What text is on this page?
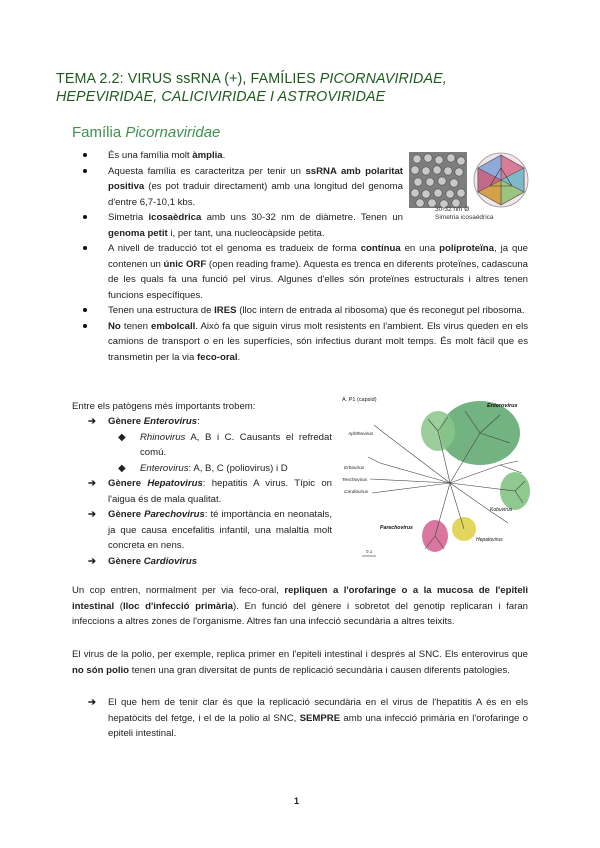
TEMA 2.2: VIRUS ssRNA (+), FAMÍLIES PICORNAVIRIDAE,
HEPEVIRIDAE, CALICIVIRIDAE I ASTROVIRIDAE
Família Picornaviridae
30-32 nm Ø
Simetria icosaèdrica
És una família molt àmplia.
Aquesta família es caracteritza per tenir un ssRNA amb polaritat positiva (es pot traduir directament) amb una longitud del genoma d'entre 6,7-10,1 kbs.
Simetria icosaèdrica amb uns 30-32 nm de diàmetre. Tenen un genoma petit i, per tant, una nucleocàpside petita.
A nivell de traducció tot el genoma es tradueix de forma contínua en una poliproteïna, ja que contenen un únic ORF (open reading frame). Aquesta es trenca en diferents proteïnes, cadascuna de les quals fa una funció pel virus. Algunes d'elles són proteïnes estructurals i altres tenen funcions específiques.
Tenen una estructura de IRES (lloc intern de entrada al ribosoma) que és reconegut pel ribosoma.
No tenen embolcall. Això fa que siguin virus molt resistents en l'ambient. Els virus queden en els camions de transport o en les superfícies, són infectius durant molt temps. És molt fàcil que es transmetin per la via feco-oral.
Entre els patògens més importants trobem:
➔ Gènere Enterovirus:
◆ Rhinovirus A, B i C. Causants el refredat comú.
◆ Enterovirus: A, B, C (poliovirus) i D
➔ Gènere Hepatovirus: hepatitis A virus. Típic on l'aigua és de mala qualitat.
➔ Gènere Parechovirus: té importància en neonatals, ja que causa encefalitis infantil, una malaltia molt concreta en nens.
➔ Gènere Cardiovirus
A. P1 (capsid)
Enterovirus
Aphthovirus
Erbovirus
Teschovirus
Cardiovirus
Kobuvirus
Parechovirus
Hepatovirus
0.1
Un cop entren, normalment per via feco-oral, repliquen a l'orofaringe o a la mucosa de l'epiteli intestinal (lloc d'infecció primària). En funció del gènere i sobretot del genotip replicaran i faran infeccions a altres zones de l'organisme. Altres fan una infecció secundària a altres teixits.
El virus de la polio, per exemple, replica primer en l'epiteli intestinal i després al SNC. Els enterovirus que no són polio tenen una gran diversitat de punts de replicació secundària i causen diferents patologies.
➔ El que hem de tenir clar és que la replicació secundària en el virus de l'hepatitis A és en els hepatòcits del fetge, i el de la polio al SNC, SEMPRE amb una infecció primària en l'orofaringe o epiteli intestinal.
1
